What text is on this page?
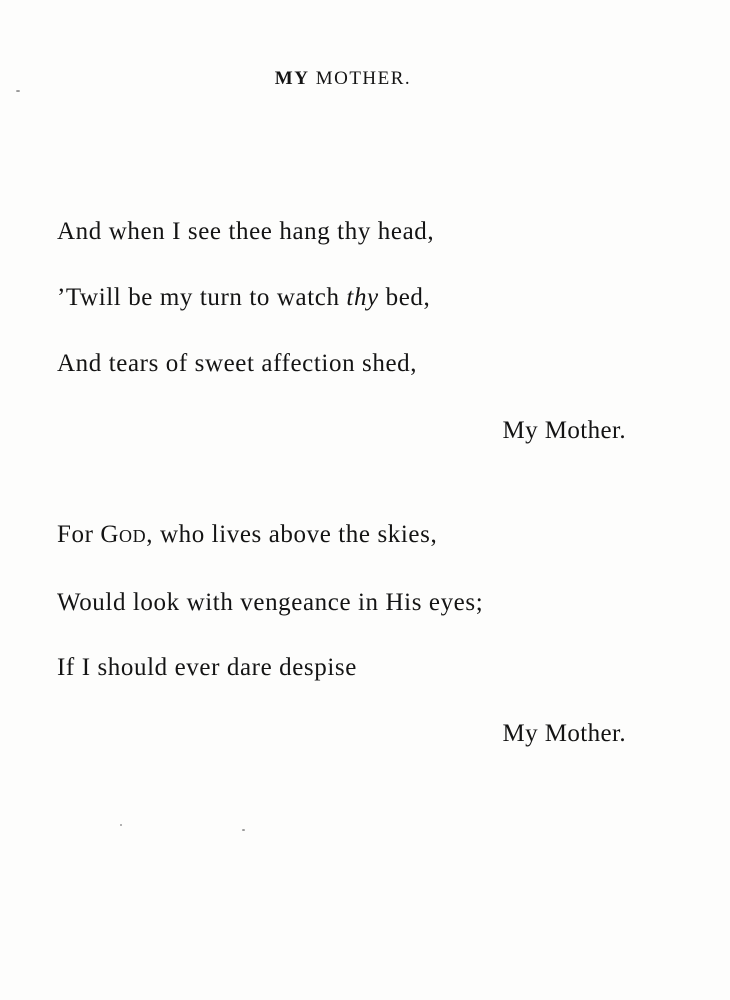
MY MOTHER.
And when I see thee hang thy head,
’Twill be my turn to watch thy bed,
And tears of sweet affection shed,
My Mother.
For God, who lives above the skies,
Would look with vengeance in His eyes;
If I should ever dare despise
My Mother.
